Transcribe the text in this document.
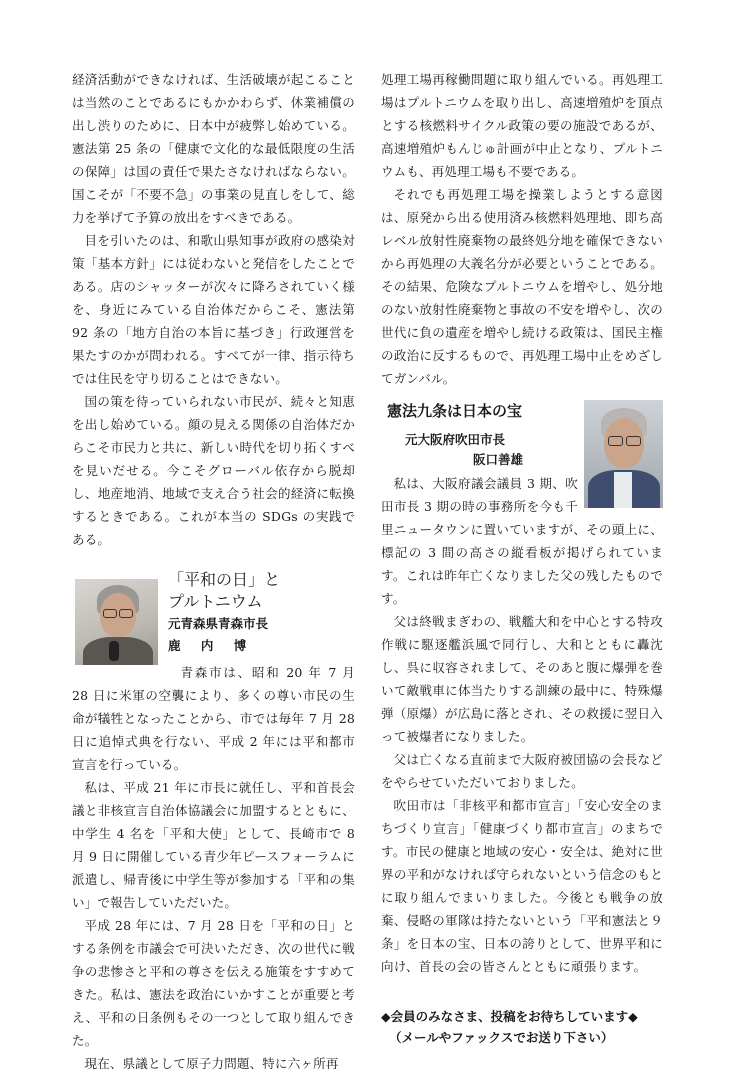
経済活動ができなければ、生活破壊が起こることは当然のことであるにもかかわらず、休業補償の出し渋りのために、日本中が疲弊し始めている。憲法第 25 条の「健康で文化的な最低限度の生活の保障」は国の責任で果たさなければならない。国こそが「不要不急」の事業の見直しをして、総力を挙げて予算の放出をすべきである。

目を引いたのは、和歌山県知事が政府の感染対策「基本方針」には従わないと発信をしたことである。店のシャッターが次々に降ろされていく様を、身近にみている自治体だからこそ、憲法第 92 条の「地方自治の本旨に基づき」行政運営を果たすのかが問われる。すべてが一律、指示待ちでは住民を守り切ることはできない。

国の策を待っていられない市民が、続々と知恵を出し始めている。顔の見える関係の自治体だからこそ市民力と共に、新しい時代を切り拓くすべを見いだせる。今こそグローバル依存から脱却し、地産地消、地域で支え合う社会的経済に転換するときである。これが本当の SDGs の実践である。

「平和の日」と
プルトニウム
元青森県青森市長
鹿 内 博

青森市は、昭和 20 年 7 月 28 日に米軍の空襲により、多くの尊い市民の生命が犠牲となったことから、市では毎年 7 月 28 日に追悼式典を行ない、平成 2 年には平和都市宣言を行っている。

私は、平成 21 年に市長に就任し、平和首長会議と非核宣言自治体協議会に加盟するとともに、中学生 4 名を「平和大使」として、長崎市で 8 月 9 日に開催している青少年ピースフォーラムに派遣し、帰青後に中学生等が参加する「平和の集い」で報告していただいた。

平成 28 年には、7 月 28 日を「平和の日」とする条例を市議会で可決いただき、次の世代に戦争の悲惨さと平和の尊さを伝える施策をすすめてきた。私は、憲法を政治にいかすことが重要と考え、平和の日条例もその一つとして取り組んできた。

現在、県議として原子力問題、特に六ヶ所再

処理工場再稼働問題に取り組んでいる。再処理工場はプルトニウムを取り出し、高速増殖炉を頂点とする核燃料サイクル政策の要の施設であるが、高速増殖炉もんじゅ計画が中止となり、プルトニウムも、再処理工場も不要である。

それでも再処理工場を操業しようとする意図は、原発から出る使用済み核燃料処理地、即ち高レベル放射性廃棄物の最終処分地を確保できないから再処理の大義名分が必要ということである。その結果、危険なプルトニウムを増やし、処分地のない放射性廃棄物と事故の不安を増やし、次の世代に負の遺産を増やし続ける政策は、国民主権の政治に反するもので、再処理工場中止をめざしてガンバル。

憲法九条は日本の宝
元大阪府吹田市長
阪口善雄

私は、大阪府議会議員 3 期、吹田市長 3 期の時の事務所を今も千里ニュータウンに置いていますが、その頭上に、標記の 3 間の高さの縦看板が掲げられています。これは昨年亡くなりました父の残したものです。

父は終戦まぎわの、戦艦大和を中心とする特攻作戦に駆逐艦浜風で同行し、大和とともに轟沈し、呉に収容されまして、そのあと腹に爆弾を巻いて敵戦車に体当たりする訓練の最中に、特殊爆弾（原爆）が広島に落とされ、その救援に翌日入って被爆者になりました。

父は亡くなる直前まで大阪府被団協の会長などをやらせていただいておりました。

吹田市は「非核平和都市宣言」「安心安全のまちづくり宣言」「健康づくり都市宣言」のまちです。市民の健康と地域の安心・安全は、絶対に世界の平和がなければ守られないという信念のもとに取り組んでまいりました。今後とも戦争の放棄、侵略の軍隊は持たないという「平和憲法と９条」を日本の宝、日本の誇りとして、世界平和に向け、首長の会の皆さんとともに頑張ります。

◆会員のみなさま、投稿をお待ちしています◆
（メールやファックスでお送り下さい）
